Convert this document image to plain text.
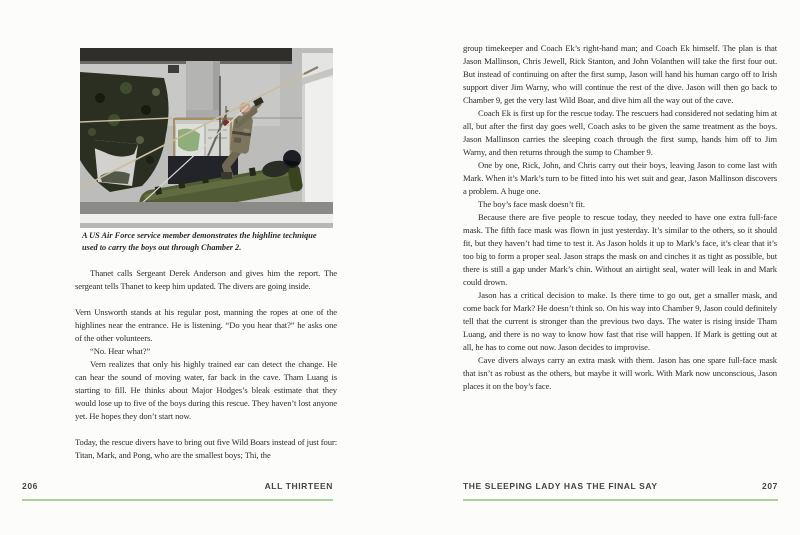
A US Air Force service member demonstrates the highline technique used to carry the boys out through Chamber 2.

Thanet calls Sergeant Derek Anderson and gives him the report. The sergeant tells Thanet to keep him updated. The divers are going inside.

Vern Unsworth stands at his regular post, manning the ropes at one of the highlines near the entrance. He is listening. “Do you hear that?” he asks one of the other volunteers.

“No. Hear what?”

Vern realizes that only his highly trained ear can detect the change. He can hear the sound of moving water, far back in the cave. Tham Luang is starting to fill. He thinks about Major Hodges’s bleak estimate that they would lose up to five of the boys during this rescue. They haven’t lost anyone yet. He hopes they don’t start now.

Today, the rescue divers have to bring out five Wild Boars instead of just four: Titan, Mark, and Pong, who are the smallest boys; Thi, the

206	ALL THIRTEEN

group timekeeper and Coach Ek’s right-hand man; and Coach Ek himself. The plan is that Jason Mallinson, Chris Jewell, Rick Stanton, and John Volanthen will take the first four out. But instead of continuing on after the first sump, Jason will hand his human cargo off to Irish support diver Jim Warny, who will continue the rest of the dive. Jason will then go back to Chamber 9, get the very last Wild Boar, and dive him all the way out of the cave.

Coach Ek is first up for the rescue today. The rescuers had considered not sedating him at all, but after the first day goes well, Coach asks to be given the same treatment as the boys. Jason Mallinson carries the sleeping coach through the first sump, hands him off to Jim Warny, and then returns through the sump to Chamber 9.

One by one, Rick, John, and Chris carry out their boys, leaving Jason to come last with Mark. When it’s Mark’s turn to be fitted into his wet suit and gear, Jason Mallinson discovers a problem. A huge one.

The boy’s face mask doesn’t fit.

Because there are five people to rescue today, they needed to have one extra full-face mask. The fifth face mask was flown in just yesterday. It’s similar to the others, so it should fit, but they haven’t had time to test it. As Jason holds it up to Mark’s face, it’s clear that it’s too big to form a proper seal. Jason straps the mask on and cinches it as tight as possible, but there is still a gap under Mark’s chin. Without an airtight seal, water will leak in and Mark could drown.

Jason has a critical decision to make. Is there time to go out, get a smaller mask, and come back for Mark? He doesn’t think so. On his way into Chamber 9, Jason could definitely tell that the current is stronger than the previous two days. The water is rising inside Tham Luang, and there is no way to know how fast that rise will happen. If Mark is getting out at all, he has to come out now. Jason decides to improvise.

Cave divers always carry an extra mask with them. Jason has one spare full-face mask that isn’t as robust as the others, but maybe it will work. With Mark now unconscious, Jason places it on the boy’s face.

THE SLEEPING LADY HAS THE FINAL SAY	207
